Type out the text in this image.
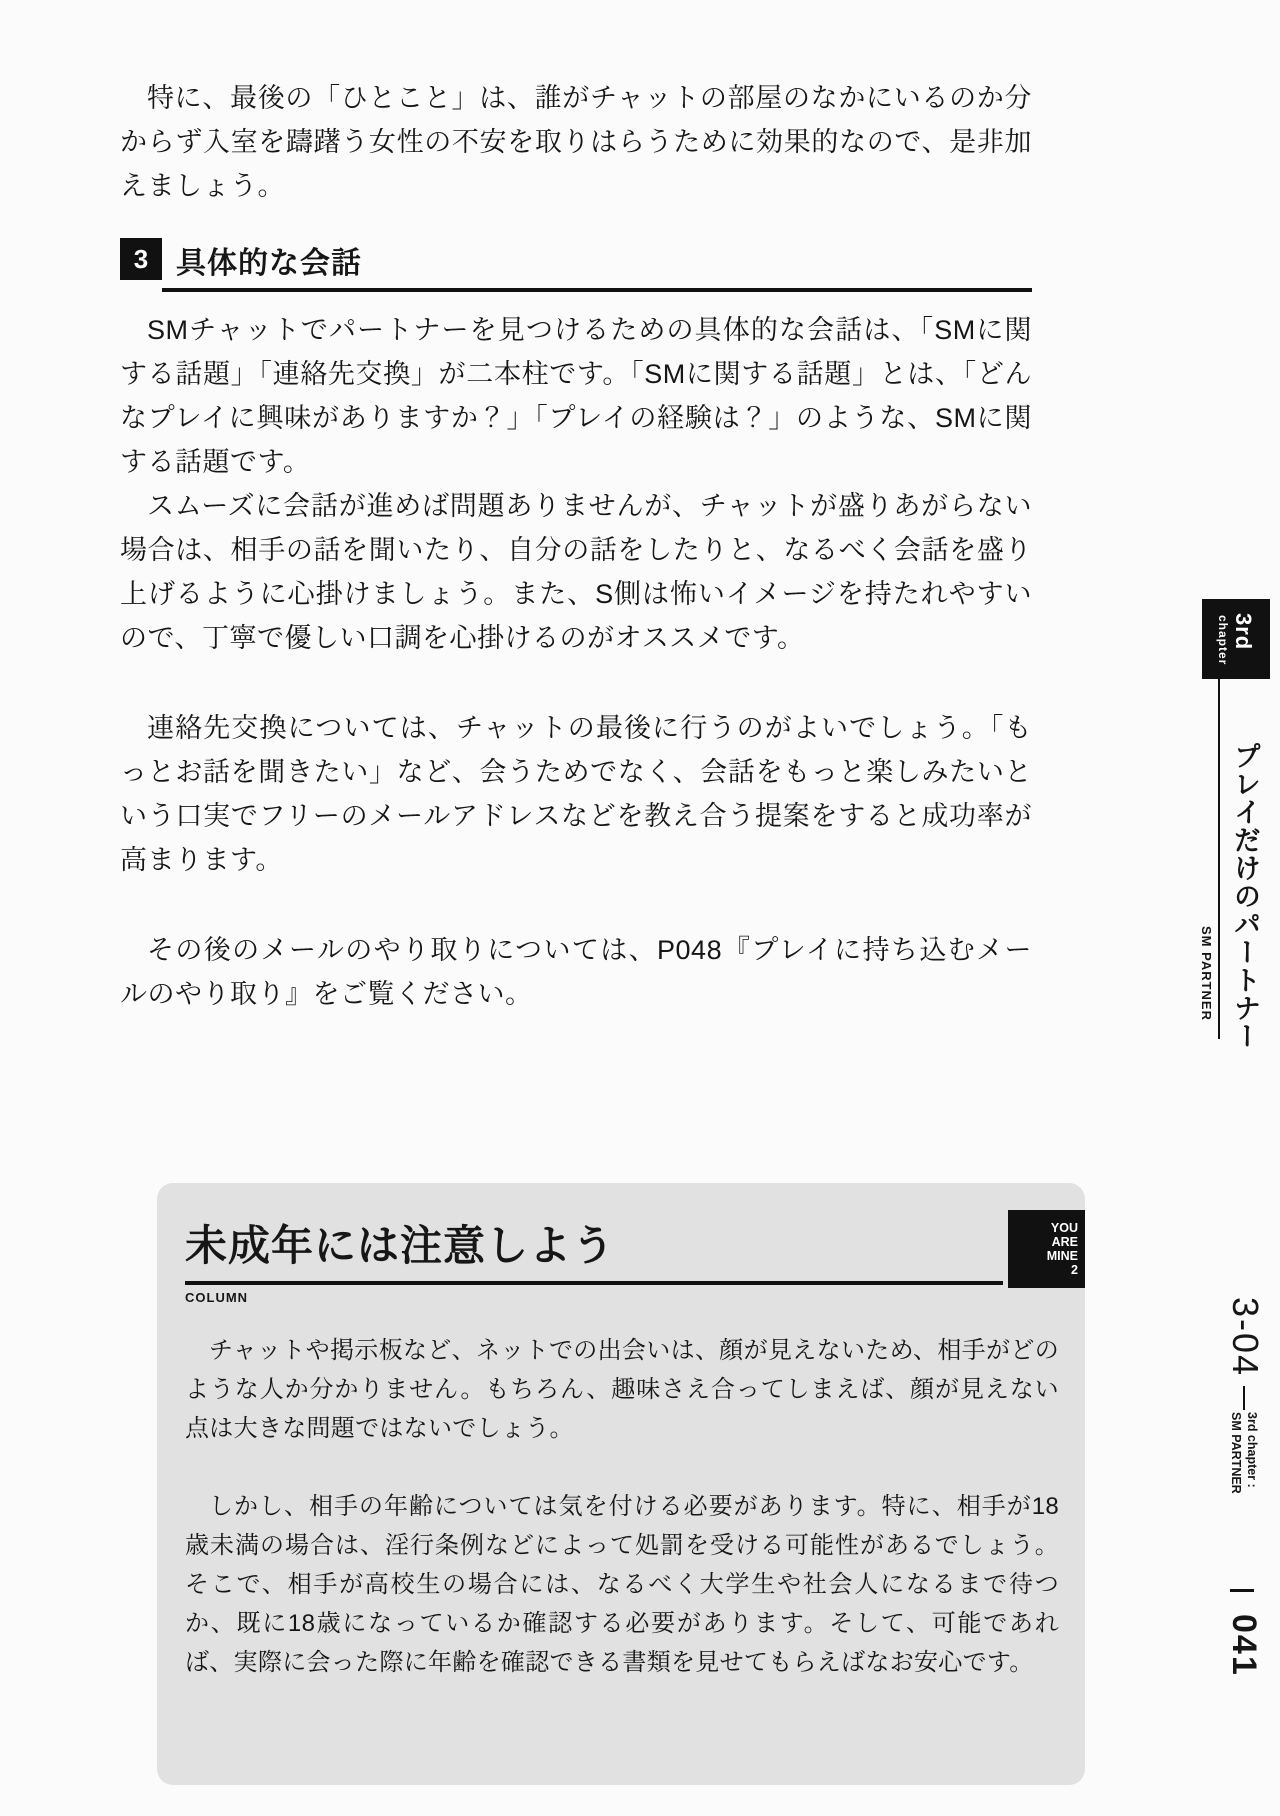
特に、最後の「ひとこと」は、誰がチャットの部屋のなかにいるのか分からず入室を躊躇う女性の不安を取りはらうために効果的なので、是非加えましょう。

3 具体的な会話

SMチャットでパートナーを見つけるための具体的な会話は、「SMに関する話題」「連絡先交換」が二本柱です。「SMに関する話題」とは、「どんなプレイに興味がありますか？」「プレイの経験は？」のような、SMに関する話題です。

スムーズに会話が進めば問題ありませんが、チャットが盛りあがらない場合は、相手の話を聞いたり、自分の話をしたりと、なるべく会話を盛り上げるように心掛けましょう。また、S側は怖いイメージを持たれやすいので、丁寧で優しい口調を心掛けるのがオススメです。

連絡先交換については、チャットの最後に行うのがよいでしょう。「もっとお話を聞きたい」など、会うためでなく、会話をもっと楽しみたいという口実でフリーのメールアドレスなどを教え合う提案をすると成功率が高まります。

その後のメールのやり取りについては、P048『プレイに持ち込むメールのやり取り』をご覧ください。

3rd
chapter
プレイだけのパートナー
SM PARTNER
3-04
3rd chapter :
SM PARTNER
041
未成年には注意しよう
COLUMN
YOU
ARE
MINE
2

チャットや掲示板など、ネットでの出会いは、顔が見えないため、相手がどのような人か分かりません。もちろん、趣味さえ合ってしまえば、顔が見えない点は大きな問題ではないでしょう。

しかし、相手の年齢については気を付ける必要があります。特に、相手が18歳未満の場合は、淫行条例などによって処罰を受ける可能性があるでしょう。そこで、相手が高校生の場合には、なるべく大学生や社会人になるまで待つか、既に18歳になっているか確認する必要があります。そして、可能であれば、実際に会った際に年齢を確認できる書類を見せてもらえばなお安心です。
